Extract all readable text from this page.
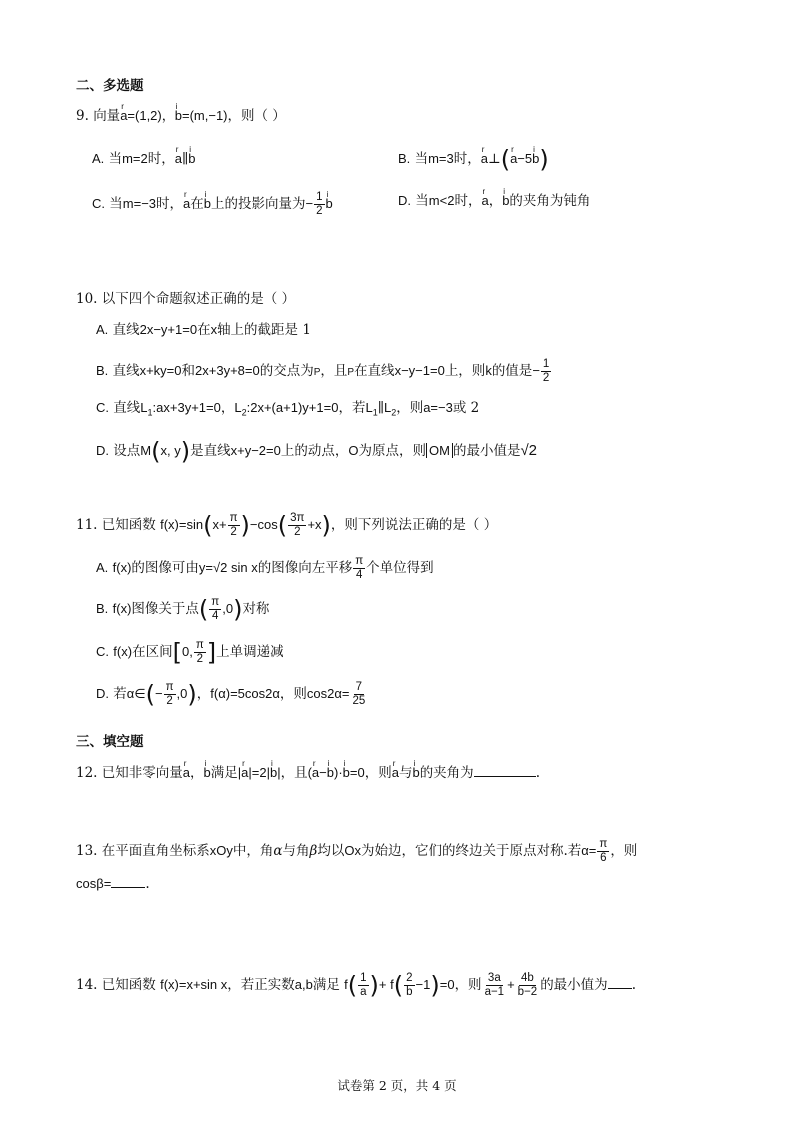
二、多选题
9. 向量r a=(1,2)，i b=(m,−1)，则（ ）
A. 当m=2时，r a∥i b	B. 当m=3时，r a⊥(r a−5i b)
C. 当m=−3时，r a在i b上的投影向量为− $\frac{1}{2}$
i b	D. 当m<2时，r a，i b的夹角为钝角
10. 以下四个命题叙述正确的是（ ）
A. 直线2x−y+1=0在x轴上的截距是 1
B. 直线x+ky=0和2x+3y+8=0的交点为P，且P在直线x−y−1=0上，则k的值是− $\frac{1}{2}$
C. 直线$L_1:ax+3y+1=0$，$L_2:2x+(a+1)y+1=0$，若$L_1\parallel L_2$，则a=−3或 2
D. 设点M(x, y)是直线x+y−2=0上的动点，O为原点，则 OM 的最小值是√2
11. 已知函数 $f(x)=\sin(x+ \frac{\pi}{2} )-\cos( \frac{3\pi}{2} +x)$，则下列说法正确的是（ ）
A. f(x)的图像可由y=√2 sin x的图像向左平移 $\frac{\pi}{4}$ 个单位得到
B. f(x)图像关于点( $\frac{\pi}{4} ,0$)对称
C. f(x)在区间[0, $\frac{\pi}{2}$ ]上单调递减
D. 若α∈(− $\frac{\pi}{2} ,0$)，f(α)=5cos2α，则$\cos 2\alpha= \frac{7}{25}$
三、填空题
12. 已知非零向量r a，i b满足|r a|=2|i b|，且(r a−i b)·i b=0，则r a与i b的夹角为	.
13. 在平面直角坐标系xOy中，角α与角β均以Ox为始边，它们的终边关于原点对称.若$\alpha= \frac{\pi}{6}$ ，则
cosβ=	.
14. 已知函数 f(x)=x+sin x，若正实数a,b满足 $f( \frac{1}{a}$ )+ $f( \frac{2}{b} -1)=0$，则 $\frac{3a}{a-1} + \frac{4b}{b-2}$ 的最小值为 .
试卷第 2 页，共 4 页
